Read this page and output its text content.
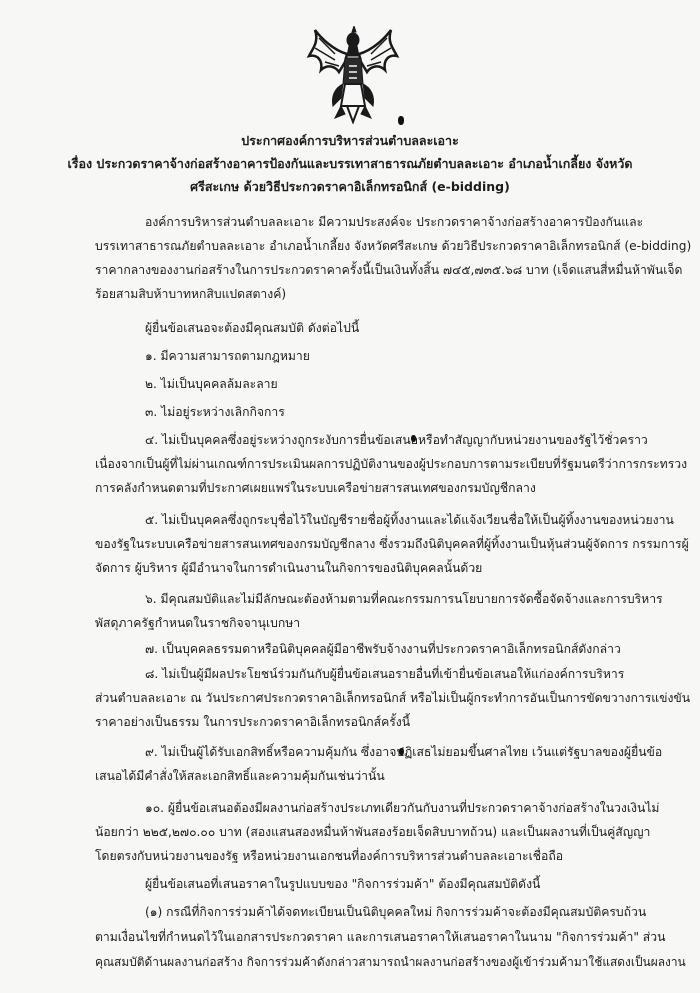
ประกาศองค์การบริหารส่วนตำบลละเอาะ
เรื่อง ประกวดราคาจ้างก่อสร้างอาคารป้องกันและบรรเทาสาธารณภัยตำบลละเอาะ อำเภอน้ำเกลี้ยง จังหวัด
ศรีสะเกษ ด้วยวิธีประกวดราคาอิเล็กทรอนิกส์ (e-bidding)
องค์การบริหารส่วนตำบลละเอาะ มีความประสงค์จะ ประกวดราคาจ้างก่อสร้างอาคารป้องกันและ
บรรเทาสาธารณภัยตำบลละเอาะ อำเภอน้ำเกลี้ยง จังหวัดศรีสะเกษ ด้วยวิธีประกวดราคาอิเล็กทรอนิกส์ (e-bidding)
ราคากลางของงานก่อสร้างในการประกวดราคาครั้งนี้เป็นเงินทั้งสิ้น ๗๔๕,๗๓๕.๖๘ บาท (เจ็ดแสนสี่หมื่นห้าพันเจ็ด
ร้อยสามสิบห้าบาทหกสิบแปดสตางค์)
ผู้ยื่นข้อเสนอจะต้องมีคุณสมบัติ ดังต่อไปนี้
๑. มีความสามารถตามกฎหมาย
๒. ไม่เป็นบุคคลล้มละลาย
๓. ไม่อยู่ระหว่างเลิกกิจการ
๔. ไม่เป็นบุคคลซึ่งอยู่ระหว่างถูกระงับการยื่นข้อเสนอหรือทำสัญญากับหน่วยงานของรัฐไว้ชั่วคราว
เนื่องจากเป็นผู้ที่ไม่ผ่านเกณฑ์การประเมินผลการปฏิบัติงานของผู้ประกอบการตามระเบียบที่รัฐมนตรีว่าการกระทรวง
การคลังกำหนดตามที่ประกาศเผยแพร่ในระบบเครือข่ายสารสนเทศของกรมบัญชีกลาง
๕. ไม่เป็นบุคคลซึ่งถูกระบุชื่อไว้ในบัญชีรายชื่อผู้ทิ้งงานและได้แจ้งเวียนชื่อให้เป็นผู้ทิ้งงานของหน่วยงาน
ของรัฐในระบบเครือข่ายสารสนเทศของกรมบัญชีกลาง ซึ่งรวมถึงนิติบุคคลที่ผู้ทิ้งงานเป็นหุ้นส่วนผู้จัดการ กรรมการผู้
จัดการ ผู้บริหาร ผู้มีอำนาจในการดำเนินงานในกิจการของนิติบุคคลนั้นด้วย
๖. มีคุณสมบัติและไม่มีลักษณะต้องห้ามตามที่คณะกรรมการนโยบายการจัดซื้อจัดจ้างและการบริหาร
พัสดุภาครัฐกำหนดในราชกิจจานุเบกษา
๗. เป็นบุคคลธรรมดาหรือนิติบุคคลผู้มีอาชีพรับจ้างงานที่ประกวดราคาอิเล็กทรอนิกส์ดังกล่าว
๘. ไม่เป็นผู้มีผลประโยชน์ร่วมกันกับผู้ยื่นข้อเสนอรายอื่นที่เข้ายื่นข้อเสนอให้แก่องค์การบริหาร
ส่วนตำบลละเอาะ ณ วันประกาศประกวดราคาอิเล็กทรอนิกส์ หรือไม่เป็นผู้กระทำการอันเป็นการขัดขวางการแข่งขัน
ราคาอย่างเป็นธรรม ในการประกวดราคาอิเล็กทรอนิกส์ครั้งนี้
๙. ไม่เป็นผู้ได้รับเอกสิทธิ์หรือความคุ้มกัน ซึ่งอาจปฏิเสธไม่ยอมขึ้นศาลไทย เว้นแต่รัฐบาลของผู้ยื่นข้อ
เสนอได้มีคำสั่งให้สละเอกสิทธิ์และความคุ้มกันเช่นว่านั้น
๑๐. ผู้ยื่นข้อเสนอต้องมีผลงานก่อสร้างประเภทเดียวกันกับงานที่ประกวดราคาจ้างก่อสร้างในวงเงินไม่
น้อยกว่า ๒๒๕,๒๗๐.๐๐ บาท (สองแสนสองหมื่นห้าพันสองร้อยเจ็ดสิบบาทถ้วน) และเป็นผลงานที่เป็นคู่สัญญา
โดยตรงกับหน่วยงานของรัฐ หรือหน่วยงานเอกชนที่องค์การบริหารส่วนตำบลละเอาะเชื่อถือ
ผู้ยื่นข้อเสนอที่เสนอราคาในรูปแบบของ "กิจการร่วมค้า" ต้องมีคุณสมบัติดังนี้
(๑) กรณีที่กิจการร่วมค้าได้จดทะเบียนเป็นนิติบุคคลใหม่ กิจการร่วมค้าจะต้องมีคุณสมบัติครบถ้วน
ตามเงื่อนไขที่กำหนดไว้ในเอกสารประกวดราคา และการเสนอราคาให้เสนอราคาในนาม "กิจการร่วมค้า" ส่วน
คุณสมบัติด้านผลงานก่อสร้าง กิจการร่วมค้าดังกล่าวสามารถนำผลงานก่อสร้างของผู้เข้าร่วมค้ามาใช้แสดงเป็นผลงาน
